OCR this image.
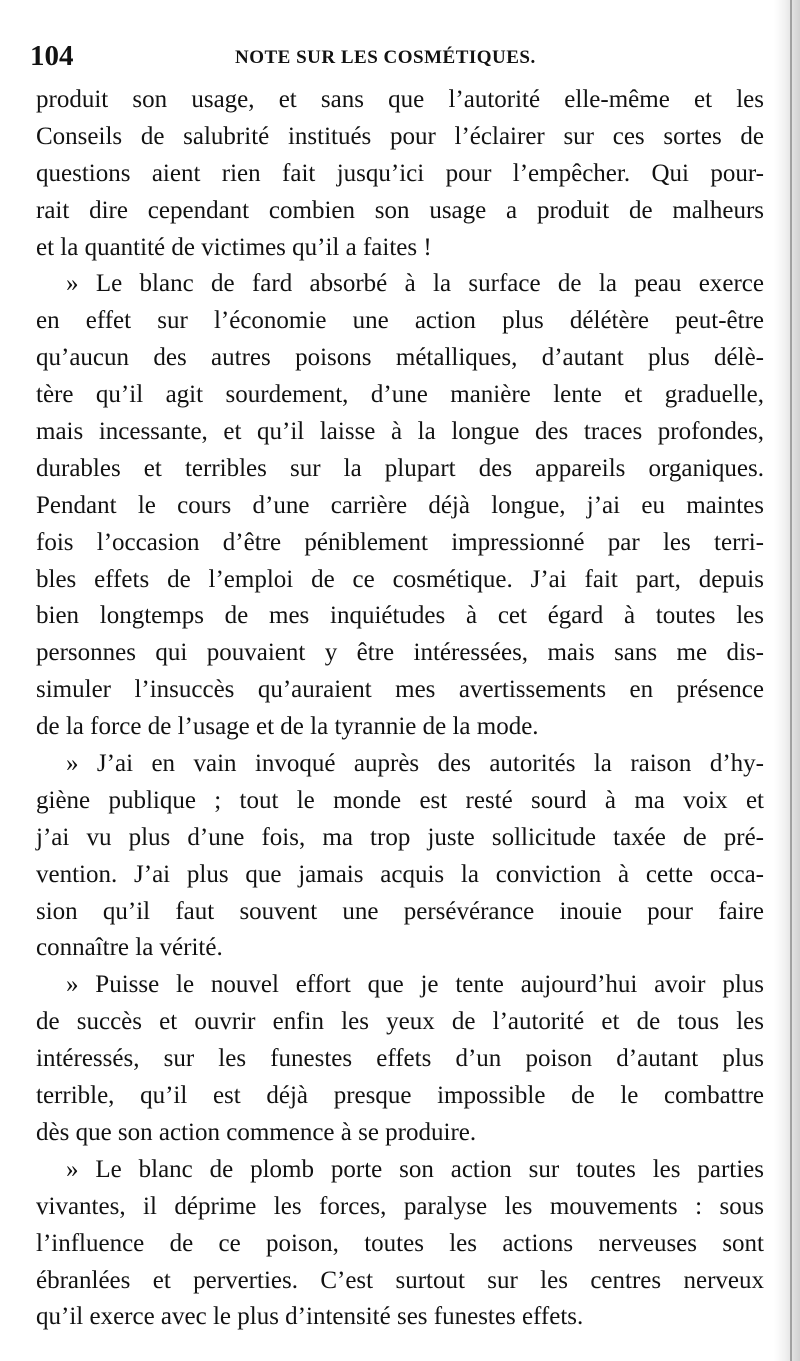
104	NOTE SUR LES COSMÉTIQUES.
produit son usage, et sans que l’autorité elle-même et les
Conseils de salubrité institués pour l’éclairer sur ces sortes de
questions aient rien fait jusqu’ici pour l’empêcher. Qui pour-
rait dire cependant combien son usage a produit de malheurs
et la quantité de victimes qu’il a faites !
» Le blanc de fard absorbé à la surface de la peau exerce
en effet sur l’économie une action plus délétère peut-être
qu’aucun des autres poisons métalliques, d’autant plus délè-
tère qu’il agit sourdement, d’une manière lente et graduelle,
mais incessante, et qu’il laisse à la longue des traces profondes,
durables et terribles sur la plupart des appareils organiques.
Pendant le cours d’une carrière déjà longue, j’ai eu maintes
fois l’occasion d’être péniblement impressionné par les terri-
bles effets de l’emploi de ce cosmétique. J’ai fait part, depuis
bien longtemps de mes inquiétudes à cet égard à toutes les
personnes qui pouvaient y être intéressées, mais sans me dis-
simuler l’insuccès qu’auraient mes avertissements en présence
de la force de l’usage et de la tyrannie de la mode.
» J’ai en vain invoqué auprès des autorités la raison d’hy-
giène publique ; tout le monde est resté sourd à ma voix et
j’ai vu plus d’une fois, ma trop juste sollicitude taxée de pré-
vention. J’ai plus que jamais acquis la conviction à cette occa-
sion qu’il faut souvent une persévérance inouie pour faire
connaître la vérité.
» Puisse le nouvel effort que je tente aujourd’hui avoir plus
de succès et ouvrir enfin les yeux de l’autorité et de tous les
intéressés, sur les funestes effets d’un poison d’autant plus
terrible, qu’il est déjà presque impossible de le combattre
dès que son action commence à se produire.
» Le blanc de plomb porte son action sur toutes les parties
vivantes, il déprime les forces, paralyse les mouvements : sous
l’influence de ce poison, toutes les actions nerveuses sont
ébranlées et perverties. C’est surtout sur les centres nerveux
qu’il exerce avec le plus d’intensité ses funestes effets.
